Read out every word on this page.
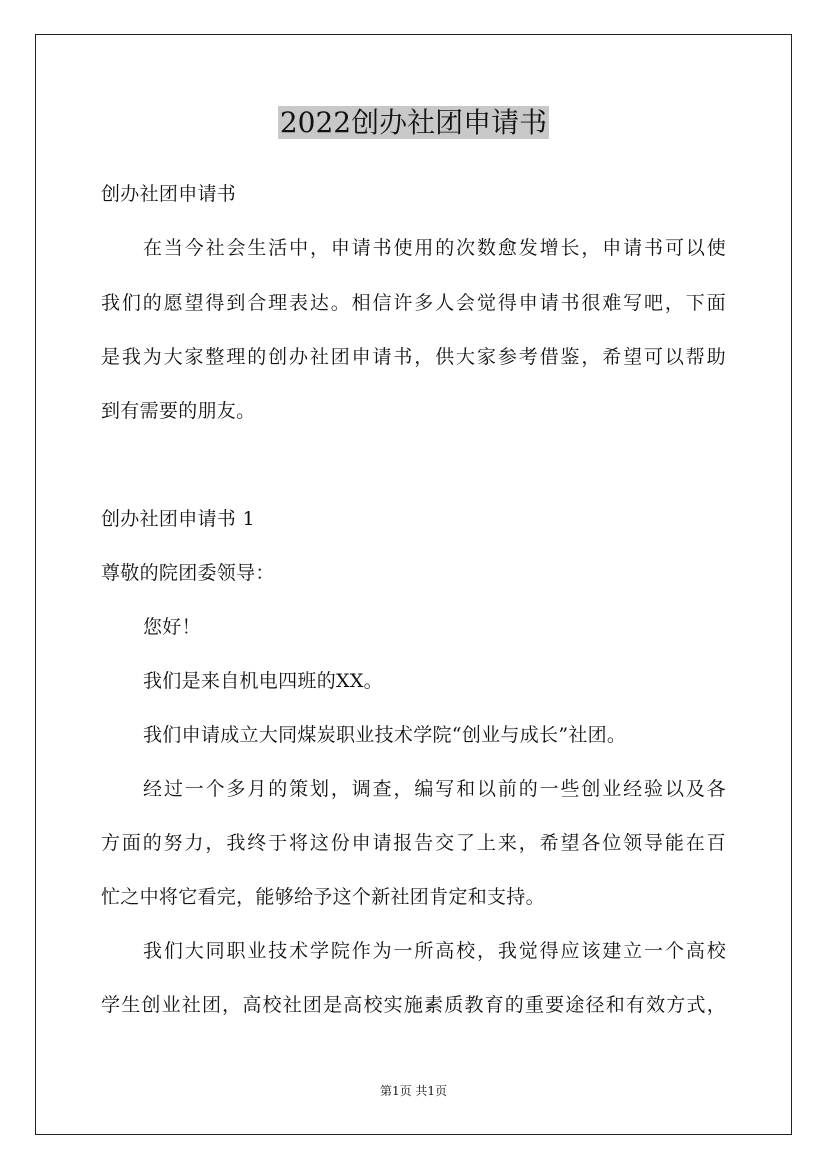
2022创办社团申请书
创办社团申请书
在当今社会生活中，申请书使用的次数愈发增长，申请书可以使
我们的愿望得到合理表达。相信许多人会觉得申请书很难写吧，下面
是我为大家整理的创办社团申请书，供大家参考借鉴，希望可以帮助
到有需要的朋友。
创办社团申请书 1
尊敬的院团委领导：
您好！
我们是来自机电四班的XX。
我们申请成立大同煤炭职业技术学院“创业与成长”社团。
经过一个多月的策划，调查，编写和以前的一些创业经验以及各
方面的努力，我终于将这份申请报告交了上来，希望各位领导能在百
忙之中将它看完，能够给予这个新社团肯定和支持。
我们大同职业技术学院作为一所高校，我觉得应该建立一个高校
学生创业社团，高校社团是高校实施素质教育的重要途径和有效方式，
第1页 共1页
